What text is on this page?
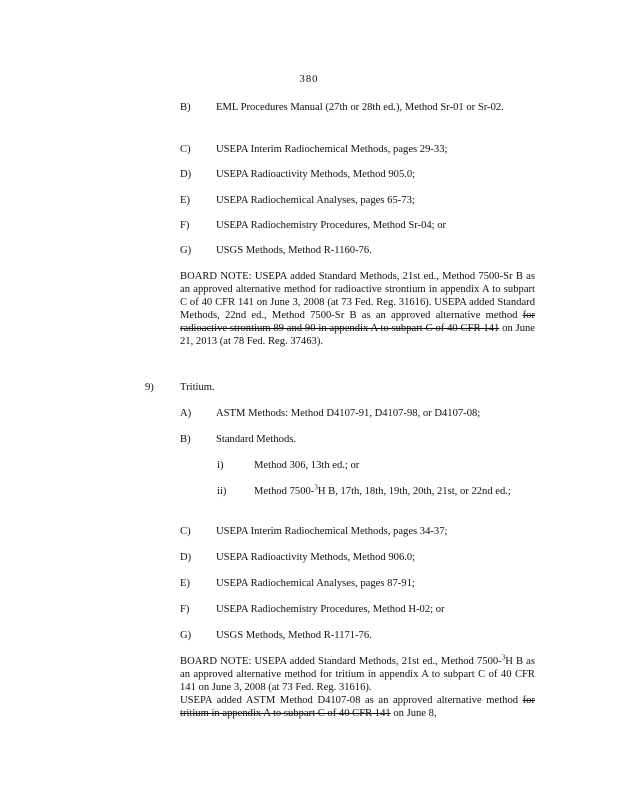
380
B)	EML Procedures Manual (27th or 28th ed.), Method Sr-01 or Sr-02.
C)	USEPA Interim Radiochemical Methods, pages 29-33;
D)	USEPA Radioactivity Methods, Method 905.0;
E)	USEPA Radiochemical Analyses, pages 65-73;
F)	USEPA Radiochemistry Procedures, Method Sr-04; or
G)	USGS Methods, Method R-1160-76.

BOARD NOTE: USEPA added Standard Methods, 21st ed., Method 7500-Sr B as an approved alternative method for radioactive strontium in appendix A to subpart C of 40 CFR 141 on June 3, 2008 (at 73 Fed. Reg. 31616). USEPA added Standard Methods, 22nd ed., Method 7500-Sr B as an approved alternative method for radioactive strontium 89 and 90 in appendix A to subpart C of 40 CFR 141 on June 21, 2013 (at 78 Fed. Reg. 37463).

9)	Tritium.
A)	ASTM Methods: Method D4107-91, D4107-98, or D4107-08;
B)	Standard Methods.
i)	Method 306, 13th ed.; or
ii)	Method 7500-$^3$H B, 17th, 18th, 19th, 20th, 21st, or 22nd ed.;
C)	USEPA Interim Radiochemical Methods, pages 34-37;
D)	USEPA Radioactivity Methods, Method 906.0;
E)	USEPA Radiochemical Analyses, pages 87-91;
F)	USEPA Radiochemistry Procedures, Method H-02; or
G)	USGS Methods, Method R-1171-76.

BOARD NOTE: USEPA added Standard Methods, 21st ed., Method 7500-$^3$H B as an approved alternative method for tritium in appendix A to subpart C of 40 CFR 141 on June 3, 2008 (at 73 Fed. Reg. 31616).

USEPA added ASTM Method D4107-08 as an approved alternative method for tritium in appendix A to subpart C of 40 CFR 141 on June 8,
